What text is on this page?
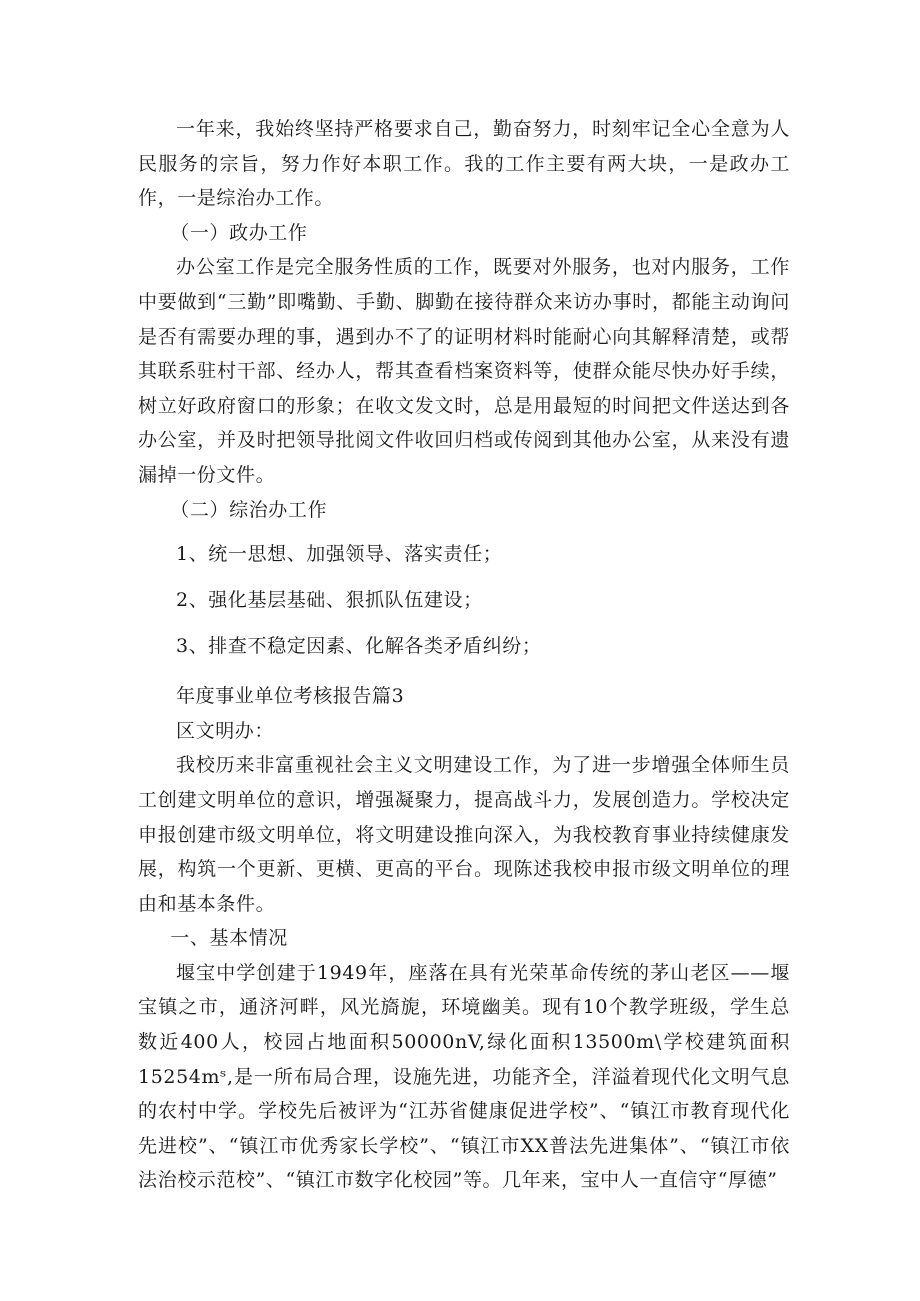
一年来，我始终坚持严格要求自己，勤奋努力，时刻牢记全心全意为人民服务的宗旨，努力作好本职工作。我的工作主要有两大块，一是政办工作，一是综治办工作。

（一）政办工作

办公室工作是完全服务性质的工作，既要对外服务，也对内服务，工作中要做到“三勤”即嘴勤、手勤、脚勤在接待群众来访办事时，都能主动询问是否有需要办理的事，遇到办不了的证明材料时能耐心向其解释清楚，或帮其联系驻村干部、经办人，帮其查看档案资料等，使群众能尽快办好手续，树立好政府窗口的形象；在收文发文时，总是用最短的时间把文件送达到各办公室，并及时把领导批阅文件收回归档或传阅到其他办公室，从来没有遗漏掉一份文件。

（二）综治办工作

1、统一思想、加强领导、落实责任；

2、强化基层基础、狠抓队伍建设；

3、排查不稳定因素、化解各类矛盾纠纷；

年度事业单位考核报告篇3

区文明办：

我校历来非富重视社会主义文明建设工作，为了进一步增强全体师生员工创建文明单位的意识，增强凝聚力，提高战斗力，发展创造力。学校决定申报创建市级文明单位，将文明建设推向深入，为我校教育事业持续健康发展，构筑一个更新、更横、更高的平台。现陈述我校申报市级文明单位的理由和基本条件。

一、基本情况

堰宝中学创建于1949年，座落在具有光荣革命传统的茅山老区——堰宝镇之市，通济河畔，风光旖旎，环境幽美。现有10个教学班级，学生总数近400人，校园占地面积50000nV,绿化面积13500m\学校建筑面积15254mˢ,是一所布局合理，设施先进，功能齐全，洋溢着现代化文明气息的农村中学。学校先后被评为“江苏省健康促进学校”、“镇江市教育现代化先进校”、“镇江市优秀家长学校”、“镇江市XX普法先进集体”、“镇江市依法治校示范校”、“镇江市数字化校园”等。几年来，宝中人一直信守“厚德”
